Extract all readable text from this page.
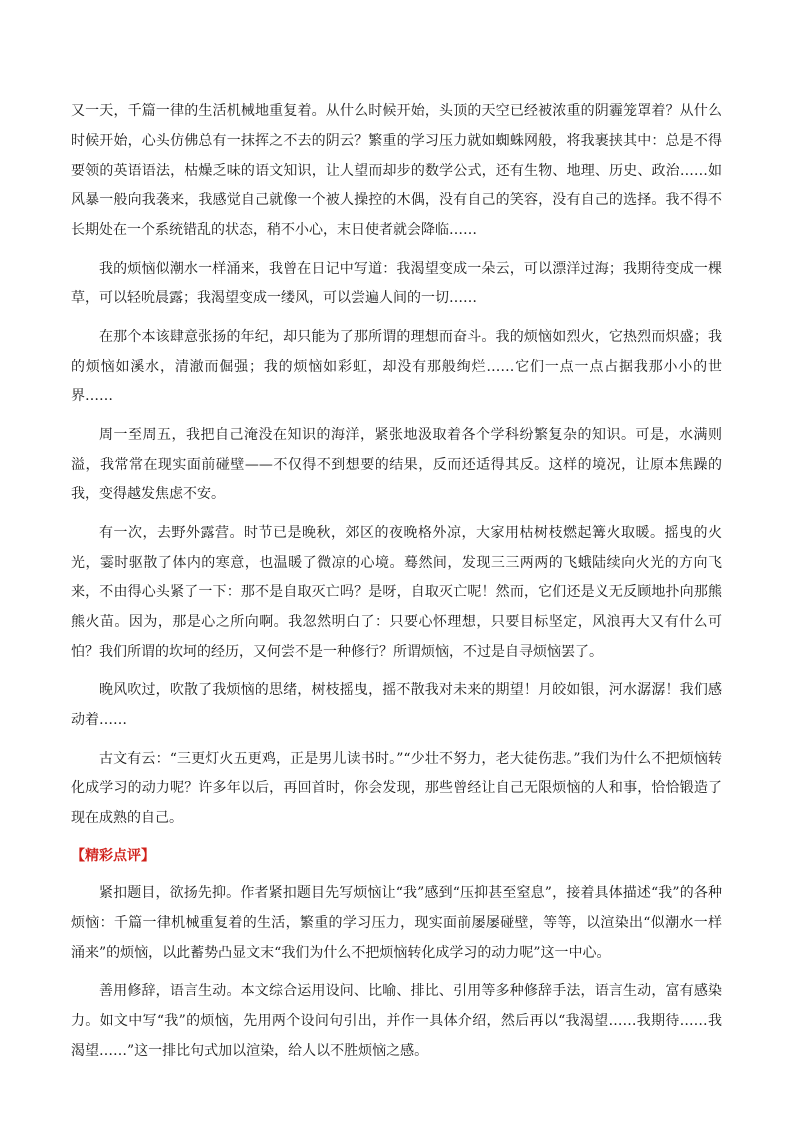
又一天，千篇一律的生活机械地重复着。从什么时候开始，头顶的天空已经被浓重的阴霾笼罩着？从什么时候开始，心头仿佛总有一抹挥之不去的阴云？繁重的学习压力就如蜘蛛网般，将我裹挟其中：总是不得要领的英语语法，枯燥乏味的语文知识，让人望而却步的数学公式，还有生物、地理、历史、政治……如风暴一般向我袭来，我感觉自己就像一个被人操控的木偶，没有自己的笑容，没有自己的选择。我不得不长期处在一个系统错乱的状态，稍不小心，末日使者就会降临……

我的烦恼似潮水一样涌来，我曾在日记中写道：我渴望变成一朵云，可以漂洋过海；我期待变成一棵草，可以轻吮晨露；我渴望变成一缕风，可以尝遍人间的一切……

在那个本该肆意张扬的年纪，却只能为了那所谓的理想而奋斗。我的烦恼如烈火，它热烈而炽盛；我的烦恼如溪水，清澈而倔强；我的烦恼如彩虹，却没有那般绚烂……它们一点一点占据我那小小的世界……

周一至周五，我把自己淹没在知识的海洋，紧张地汲取着各个学科纷繁复杂的知识。可是，水满则溢，我常常在现实面前碰壁——不仅得不到想要的结果，反而还适得其反。这样的境况，让原本焦躁的我，变得越发焦虑不安。

有一次，去野外露营。时节已是晚秋，郊区的夜晚格外凉，大家用枯树枝燃起篝火取暖。摇曳的火光，霎时驱散了体内的寒意，也温暖了微凉的心境。蓦然间，发现三三两两的飞蛾陆续向火光的方向飞来，不由得心头紧了一下：那不是自取灭亡吗？是呀，自取灭亡呢！然而，它们还是义无反顾地扑向那熊熊火苗。因为，那是心之所向啊。我忽然明白了：只要心怀理想，只要目标坚定，风浪再大又有什么可怕？我们所谓的坎坷的经历，又何尝不是一种修行？所谓烦恼，不过是自寻烦恼罢了。

晚风吹过，吹散了我烦恼的思绪，树枝摇曳，摇不散我对未来的期望！月皎如银，河水潺潺！我们感动着……

古文有云：“三更灯火五更鸡，正是男儿读书时。”“少壮不努力，老大徒伤悲。”我们为什么不把烦恼转化成学习的动力呢？许多年以后，再回首时，你会发现，那些曾经让自己无限烦恼的人和事，恰恰锻造了现在成熟的自己。

【精彩点评】

紧扣题目，欲扬先抑。作者紧扣题目先写烦恼让“我”感到“压抑甚至窒息”，接着具体描述“我”的各种烦恼：千篇一律机械重复着的生活，繁重的学习压力，现实面前屡屡碰壁，等等，以渲染出“似潮水一样涌来”的烦恼，以此蓄势凸显文末“我们为什么不把烦恼转化成学习的动力呢”这一中心。

善用修辞，语言生动。本文综合运用设问、比喻、排比、引用等多种修辞手法，语言生动，富有感染力。如文中写“我”的烦恼，先用两个设问句引出，并作一具体介绍，然后再以“我渴望……我期待……我渴望……”这一排比句式加以渲染，给人以不胜烦恼之感。
